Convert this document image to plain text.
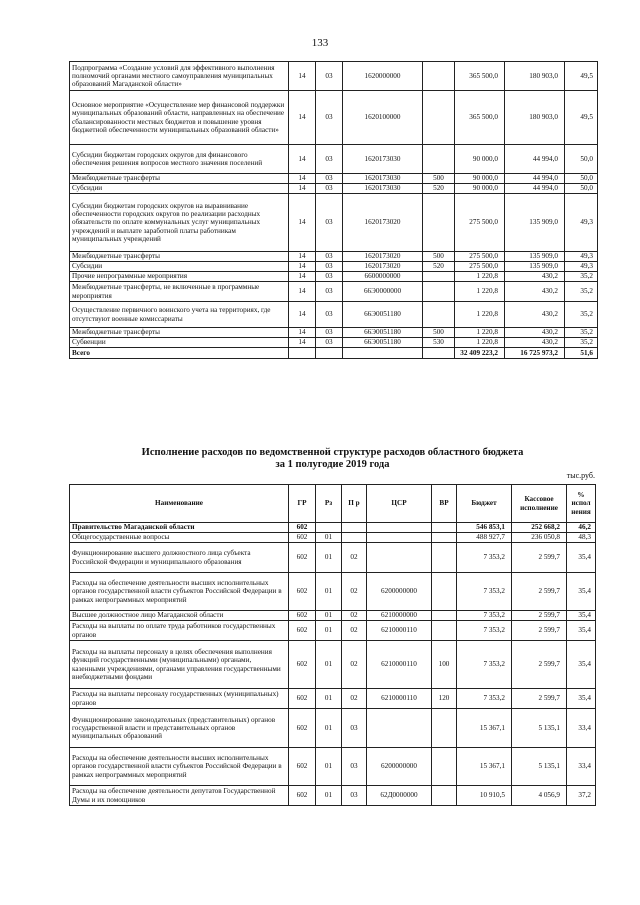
133
Подпрограмма «Создание условий для эффективного выполнения полномочий органами местного самоуправления муниципальных образований Магаданской области»	14	03	1620000000		365 500,0	180 903,0	49,5
Основное мероприятие «Осуществление мер финансовой поддержки муниципальных образований области, направленных на обеспечение сбалансированности местных бюджетов и повышение уровня бюджетной обеспеченности муниципальных образований области»	14	03	1620100000		365 500,0	180 903,0	49,5
Субсидии бюджетам городских округов для финансового обеспечения решения вопросов местного значения поселений	14	03	1620173030		90 000,0	44 994,0	50,0
Межбюджетные трансферты	14	03	1620173030	500	90 000,0	44 994,0	50,0
Субсидии	14	03	1620173030	520	90 000,0	44 994,0	50,0
Субсидии бюджетам городских округов на выравнивание обеспеченности городских округов по реализации расходных обязательств по оплате коммунальных услуг муниципальных учреждений и выплате заработной платы работникам муниципальных учреждений	14	03	1620173020		275 500,0	135 909,0	49,3
Межбюджетные трансферты	14	03	1620173020	500	275 500,0	135 909,0	49,3
Субсидии	14	03	1620173020	520	275 500,0	135 909,0	49,3
Прочие непрограммные мероприятия	14	03	6600000000		1 220,8	430,2	35,2
Межбюджетные трансферты, не включенные в программные мероприятия	14	03	66Э0000000		1 220,8	430,2	35,2
Осуществление первичного воинского учета на территориях, где отсутствуют военные комиссариаты	14	03	66Э0051180		1 220,8	430,2	35,2
Межбюджетные трансферты	14	03	66Э0051180	500	1 220,8	430,2	35,2
Субвенции	14	03	66Э0051180	530	1 220,8	430,2	35,2
Всего					32 409 223,2	16 725 973,2	51,6
Исполнение расходов по ведомственной структуре расходов областного бюджета
за 1 полугодие 2019 года
тыс.руб.
Наименование	ГР	Рз	П р	ЦСР	ВР	Бюджет	Кассовое исполнение	% испол нения
Правительство Магаданской области	602					546 853,1	252 668,2	46,2
Общегосударственные вопросы	602	01				488 927,7	236 050,8	48,3
Функционирование высшего должностного лица субъекта Российской Федерации и муниципального образования	602	01	02			7 353,2	2 599,7	35,4
Расходы на обеспечение деятельности высших исполнительных органов государственной власти субъектов Российской Федерации в рамках непрограммных мероприятий	602	01	02	6200000000		7 353,2	2 599,7	35,4
Высшее должностное лицо Магаданской области	602	01	02	6210000000		7 353,2	2 599,7	35,4
Расходы на выплаты по оплате труда работников государственных органов	602	01	02	6210000110		7 353,2	2 599,7	35,4
Расходы на выплаты персоналу в целях обеспечения выполнения функций государственными (муниципальными) органами, казенными учреждениями, органами управления государственными внебюджетными фондами	602	01	02	6210000110	100	7 353,2	2 599,7	35,4
Расходы на выплаты персоналу государственных (муниципальных) органов	602	01	02	6210000110	120	7 353,2	2 599,7	35,4
Функционирование законодательных (представительных) органов государственной власти и представительных органов муниципальных образований	602	01	03			15 367,1	5 135,1	33,4
Расходы на обеспечение деятельности высших исполнительных органов государственной власти субъектов Российской Федерации в рамках непрограммных мероприятий	602	01	03	6200000000		15 367,1	5 135,1	33,4
Расходы на обеспечение деятельности депутатов Государственной Думы и их помощников	602	01	03	62Д0000000		10 910,5	4 056,9	37,2
